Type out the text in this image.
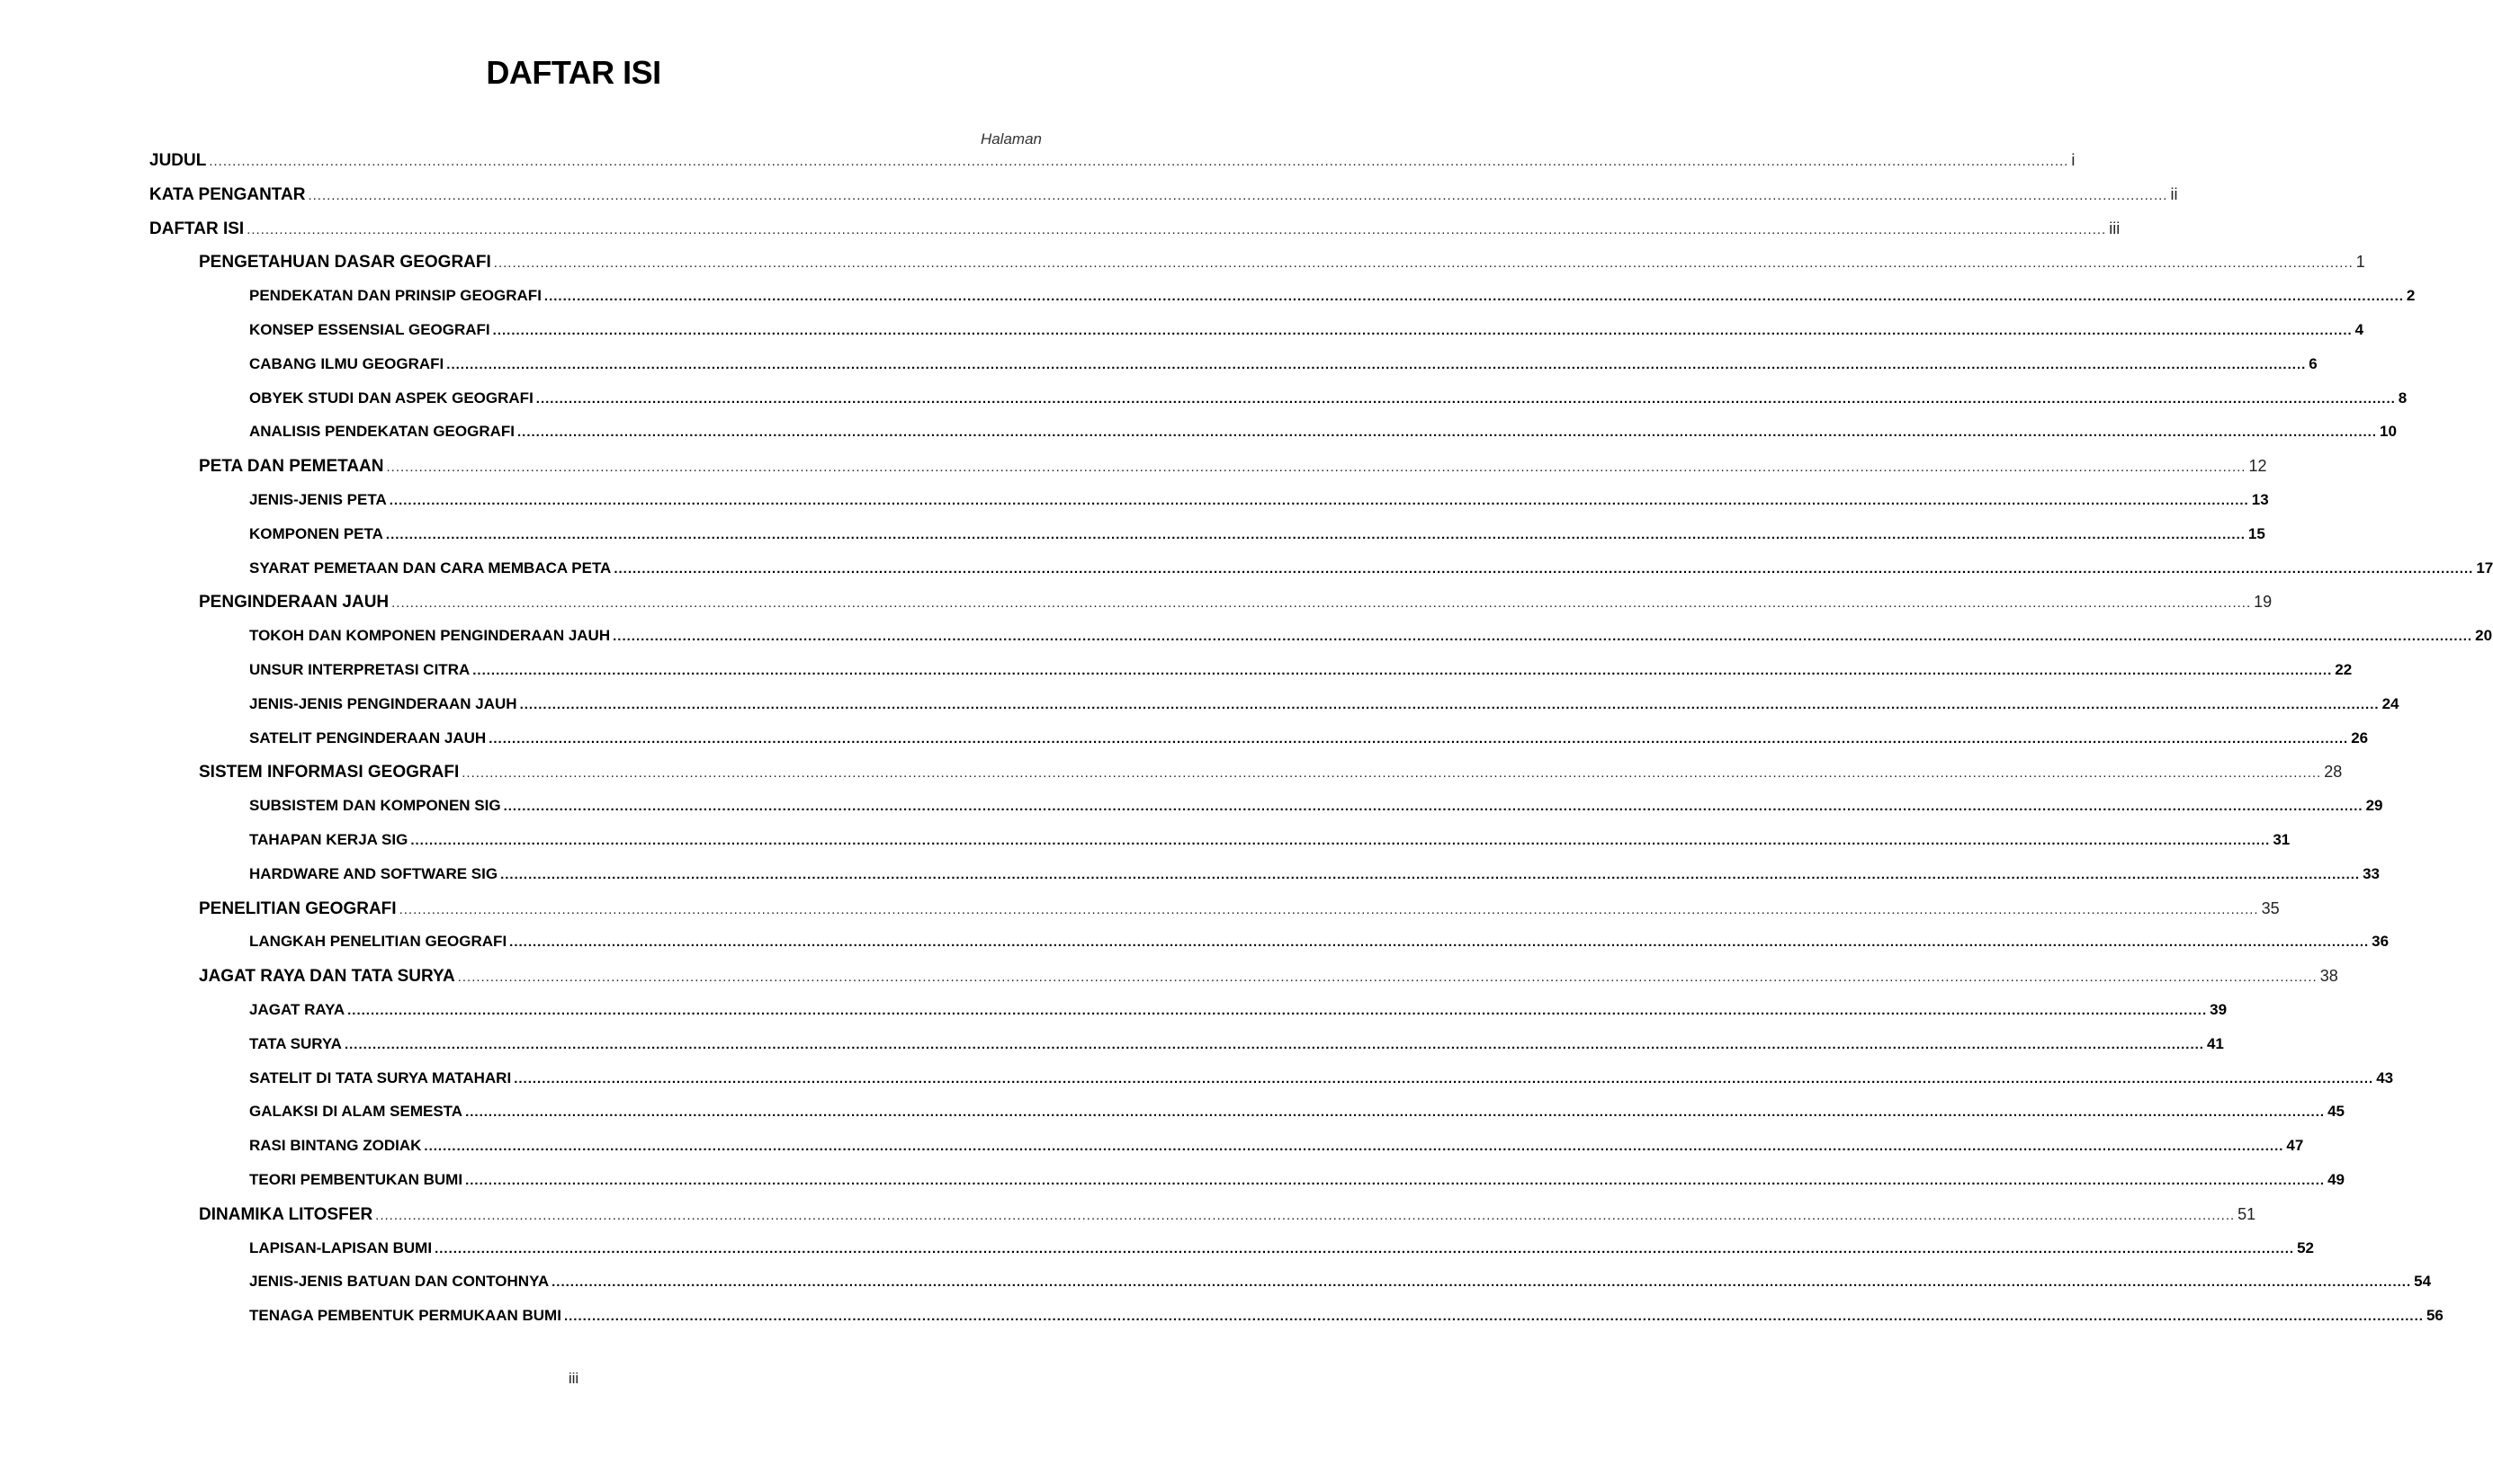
DAFTAR ISI
Halaman
JUDUL ................................................................................................................................................................................................................................................................................................................................................................................................................ i
KATA PENGANTAR ................................................................................................................................................................................................................................................................................................................................................................................................................ ii
DAFTAR ISI ................................................................................................................................................................................................................................................................................................................................................................................................................ iii
PENGETAHUAN DASAR GEOGRAFI ................................................................................................................................................................................................................................................................................................................................................................................................................ 1
PENDEKATAN DAN PRINSIP GEOGRAFI ................................................................................................................................................................................................................................................................................................................................................................................................................ 2
KONSEP ESSENSIAL GEOGRAFI ................................................................................................................................................................................................................................................................................................................................................................................................................ 4
CABANG ILMU GEOGRAFI ................................................................................................................................................................................................................................................................................................................................................................................................................ 6
OBYEK STUDI DAN ASPEK GEOGRAFI ................................................................................................................................................................................................................................................................................................................................................................................................................ 8
ANALISIS PENDEKATAN GEOGRAFI ................................................................................................................................................................................................................................................................................................................................................................................................................ 10
PETA DAN PEMETAAN ................................................................................................................................................................................................................................................................................................................................................................................................................ 12
JENIS-JENIS PETA ................................................................................................................................................................................................................................................................................................................................................................................................................ 13
KOMPONEN PETA ................................................................................................................................................................................................................................................................................................................................................................................................................ 15
SYARAT PEMETAAN DAN CARA MEMBACA PETA ................................................................................................................................................................................................................................................................................................................................................................................................................ 17
PENGINDERAAN JAUH ................................................................................................................................................................................................................................................................................................................................................................................................................ 19
TOKOH DAN KOMPONEN PENGINDERAAN JAUH ................................................................................................................................................................................................................................................................................................................................................................................................................ 20
UNSUR INTERPRETASI CITRA ................................................................................................................................................................................................................................................................................................................................................................................................................ 22
JENIS-JENIS PENGINDERAAN JAUH ................................................................................................................................................................................................................................................................................................................................................................................................................ 24
SATELIT PENGINDERAAN JAUH ................................................................................................................................................................................................................................................................................................................................................................................................................ 26
SISTEM INFORMASI GEOGRAFI ................................................................................................................................................................................................................................................................................................................................................................................................................ 28
SUBSISTEM DAN KOMPONEN SIG ................................................................................................................................................................................................................................................................................................................................................................................................................ 29
TAHAPAN KERJA SIG ................................................................................................................................................................................................................................................................................................................................................................................................................ 31
HARDWARE AND SOFTWARE SIG ................................................................................................................................................................................................................................................................................................................................................................................................................ 33
PENELITIAN GEOGRAFI ................................................................................................................................................................................................................................................................................................................................................................................................................ 35
LANGKAH PENELITIAN GEOGRAFI ................................................................................................................................................................................................................................................................................................................................................................................................................ 36
JAGAT RAYA DAN TATA SURYA ................................................................................................................................................................................................................................................................................................................................................................................................................ 38
JAGAT RAYA ................................................................................................................................................................................................................................................................................................................................................................................................................ 39
TATA SURYA ................................................................................................................................................................................................................................................................................................................................................................................................................ 41
SATELIT DI TATA SURYA MATAHARI ................................................................................................................................................................................................................................................................................................................................................................................................................ 43
GALAKSI DI ALAM SEMESTA ................................................................................................................................................................................................................................................................................................................................................................................................................ 45
RASI BINTANG ZODIAK ................................................................................................................................................................................................................................................................................................................................................................................................................ 47
TEORI PEMBENTUKAN BUMI ................................................................................................................................................................................................................................................................................................................................................................................................................ 49
DINAMIKA LITOSFER ................................................................................................................................................................................................................................................................................................................................................................................................................ 51
LAPISAN-LAPISAN BUMI ................................................................................................................................................................................................................................................................................................................................................................................................................ 52
JENIS-JENIS BATUAN DAN CONTOHNYA ................................................................................................................................................................................................................................................................................................................................................................................................................ 54
TENAGA PEMBENTUK PERMUKAAN BUMI ................................................................................................................................................................................................................................................................................................................................................................................................................ 56
iii
